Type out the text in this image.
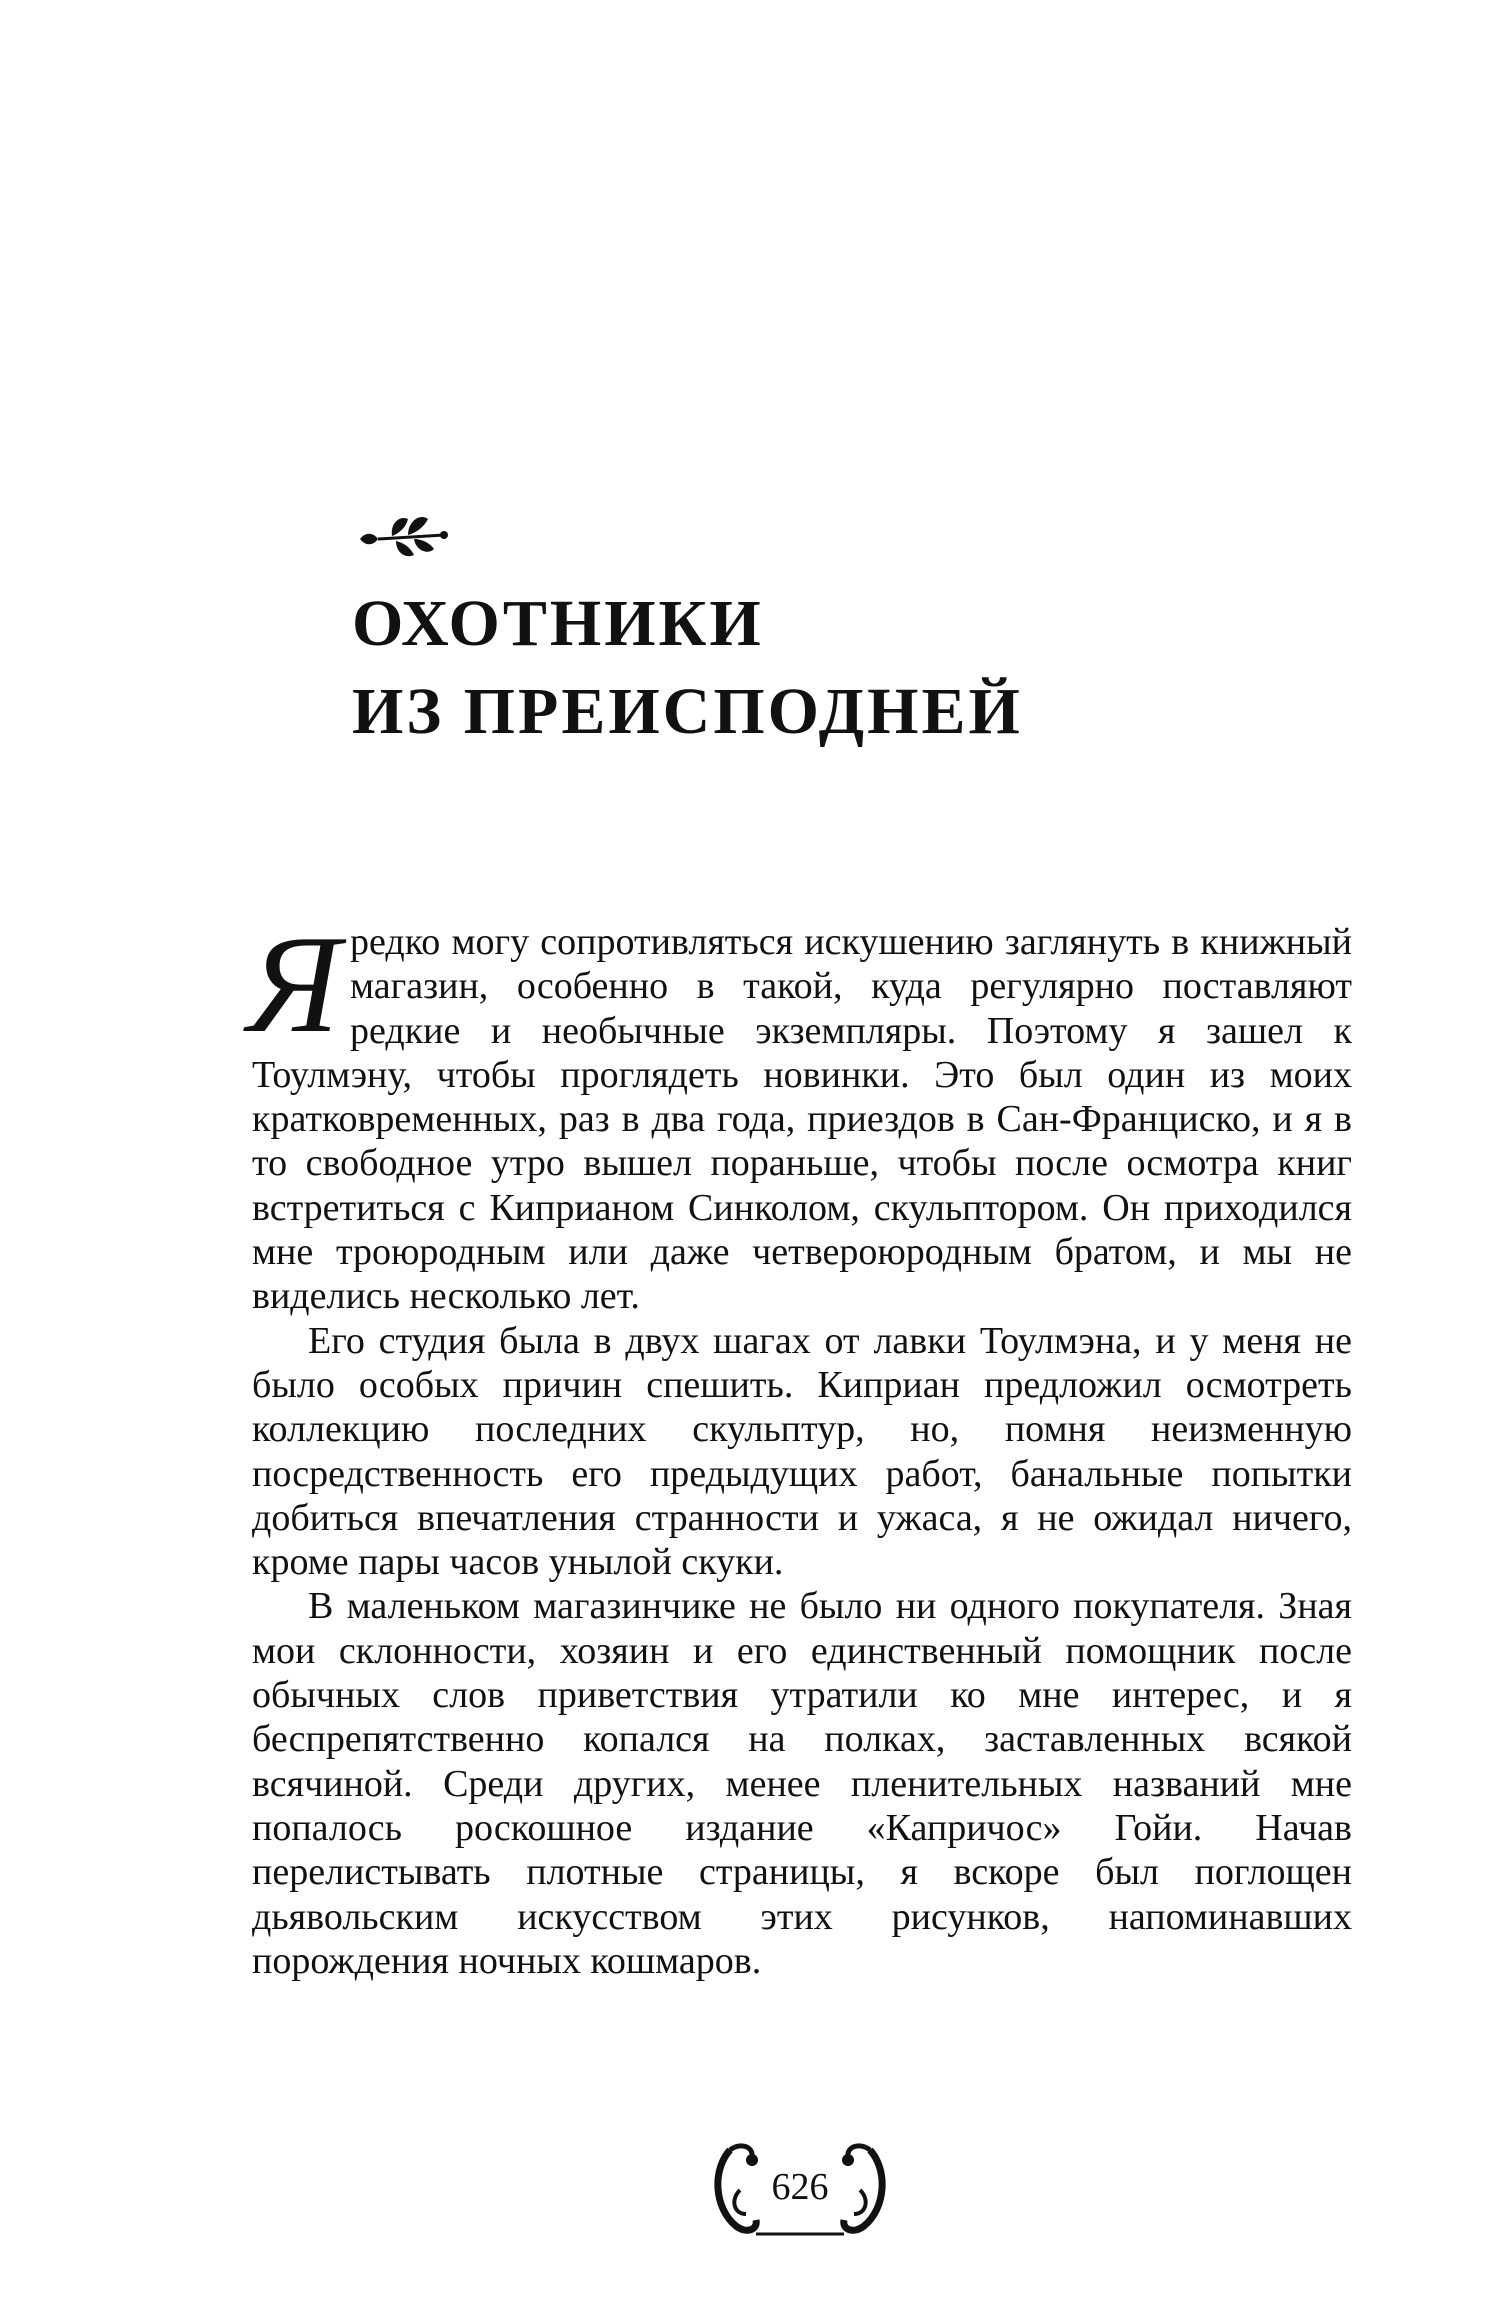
ОХОТНИКИ
ИЗ ПРЕИСПОДНЕЙ

Яредко могу сопротивляться искушению заглянуть в книжный магазин, особенно в такой, куда регулярно поставляют редкие и необычные экземпляры. Поэтому я зашел к Тоулмэну, чтобы проглядеть новинки. Это был один из моих кратковременных, раз в два года, приездов в Сан-Франциско, и я в то свободное утро вышел пораньше, чтобы после осмотра книг встретиться с Киприаном Синколом, скульптором. Он приходился мне троюродным или даже четвероюродным братом, и мы не виделись несколько лет.

Его студия была в двух шагах от лавки Тоулмэна, и у меня не было особых причин спешить. Киприан предложил осмотреть коллекцию последних скульптур, но, помня неизменную посредственность его предыдущих работ, банальные попытки добиться впечатления странности и ужаса, я не ожидал ничего, кроме пары часов унылой скуки.

В маленьком магазинчике не было ни одного покупателя. Зная мои склонности, хозяин и его единственный помощник после обычных слов приветствия утратили ко мне интерес, и я беспрепятственно копался на полках, заставленных всякой всячиной. Среди других, менее пленительных названий мне попалось роскошное издание «Капричос» Гойи. Начав перелистывать плотные страницы, я вскоре был поглощен дьявольским искусством этих рисунков, напоминавших порождения ночных кошмаров.

626
